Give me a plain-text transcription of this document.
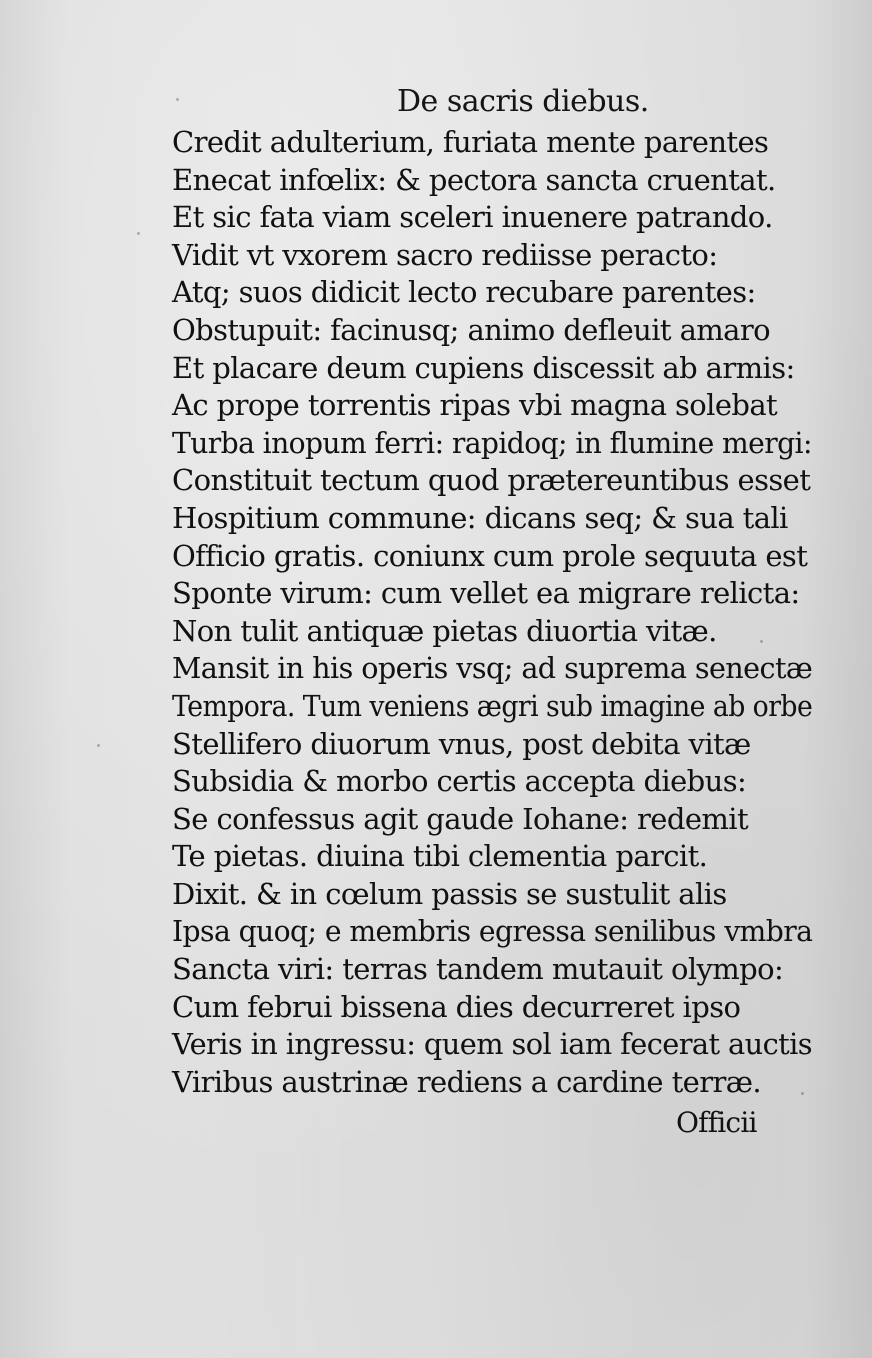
De sacris diebus.
Credit adulterium, furiata mente parentes
Enecat infœlix: & pectora sancta cruentat.
Et sic fata viam sceleri inuenere patrando.
Vidit vt vxorem sacro rediisse peracto:
Atq; suos didicit lecto recubare parentes:
Obstupuit: facinusq; animo defleuit amaro
Et placare deum cupiens discessit ab armis:
Ac prope torrentis ripas vbi magna solebat
Turba inopum ferri: rapidoq; in flumine mergi:
Constituit tectum quod prætereuntibus esset
Hospitium commune: dicans seq; & sua tali
Officio gratis. coniunx cum prole sequuta est
Sponte virum: cum vellet ea migrare relicta:
Non tulit antiquæ pietas diuortia vitæ.
Mansit in his operis vsq; ad suprema senectæ
Tempora. Tum veniens ægri sub imagine ab orbe
Stellifero diuorum vnus, post debita vitæ
Subsidia & morbo certis accepta diebus:
Se confessus agit gaude Iohane: redemit
Te pietas. diuina tibi clementia parcit.
Dixit. & in cœlum passis se sustulit alis
Ipsa quoq; e membris egressa senilibus vmbra
Sancta viri: terras tandem mutauit olympo:
Cum februi bissena dies decurreret ipso
Veris in ingressu: quem sol iam fecerat auctis
Viribus austrinæ rediens a cardine terræ.
Officii
